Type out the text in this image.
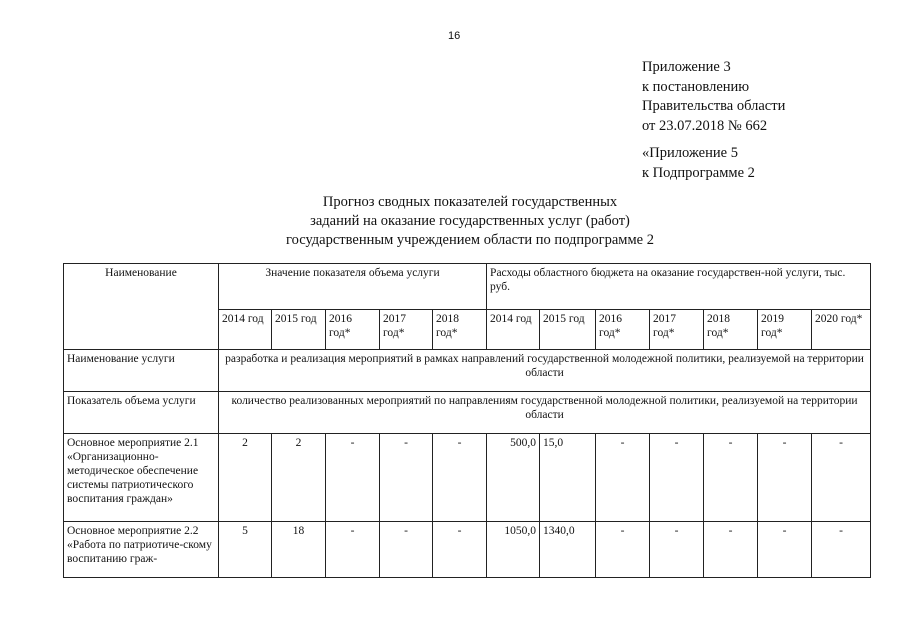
16
Приложение 3
к постановлению
Правительства области
от 23.07.2018 № 662
«Приложение 5
к Подпрограмме 2
Прогноз сводных показателей государственных
заданий на оказание государственных услуг (работ)
государственным учреждением области по подпрограмме 2
Наименование	Значение показателя объема услуги					Расходы областного бюджета на оказание государствен-ной услуги, тыс. руб.						
	2014 год	2015 год	2016 год*	2017 год*	2018 год*	2014 год	2015 год	2016 год*	2017 год*	2018 год*	2019 год*	2020 год*
Наименование услуги	разработка и реализация мероприятий в рамках направлений государственной молодежной политики, реализуемой на территории области											
Показатель объема услуги	количество реализованных мероприятий по направлениям государственной молодежной политики, реализуемой на территории области											
Основное мероприятие 2.1 «Организационно-методическое обеспечение системы патриотического воспитания граждан»	2	2	-	-	-	500,0	15,0	-	-	-	-	-
Основное мероприятие 2.2 «Работа по патриотиче-скому воспитанию граж-	5	18	-	-	-	1050,0	1340,0	-	-	-	-	-
